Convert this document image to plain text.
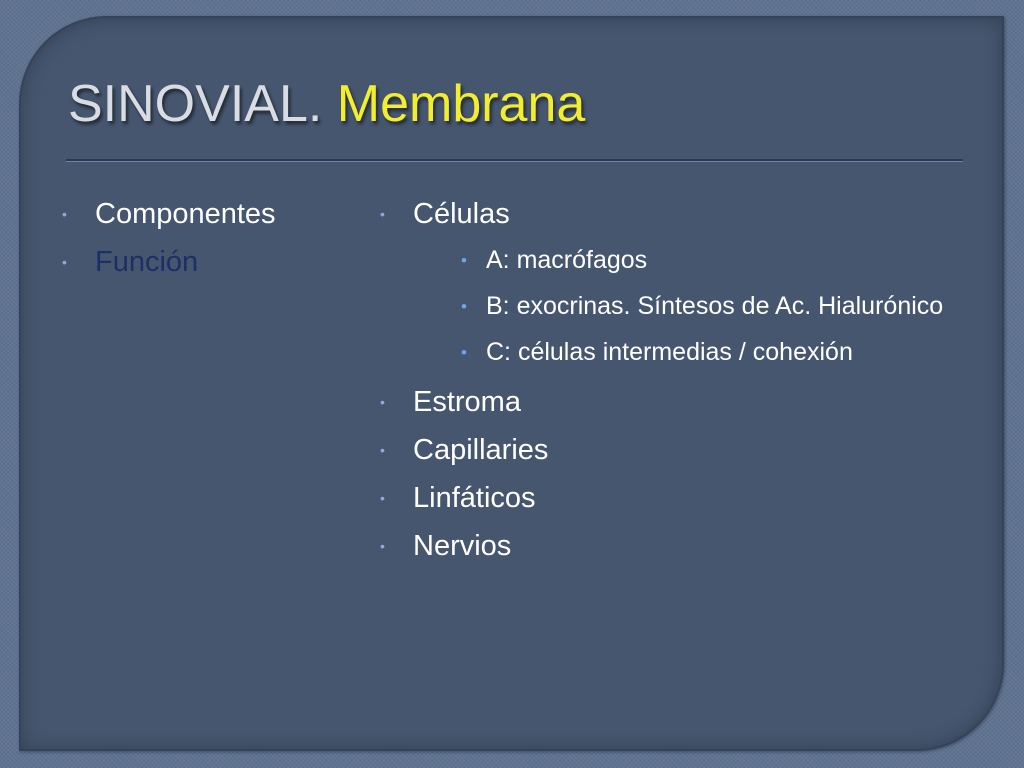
SINOVIAL. Membrana
• Componentes
• Función
• Células
• A: macrófagos
• B: exocrinas. Síntesos de Ac. Hialurónico
• C: células intermedias / cohexión
• Estroma
• Capillaries
• Linfáticos
• Nervios
